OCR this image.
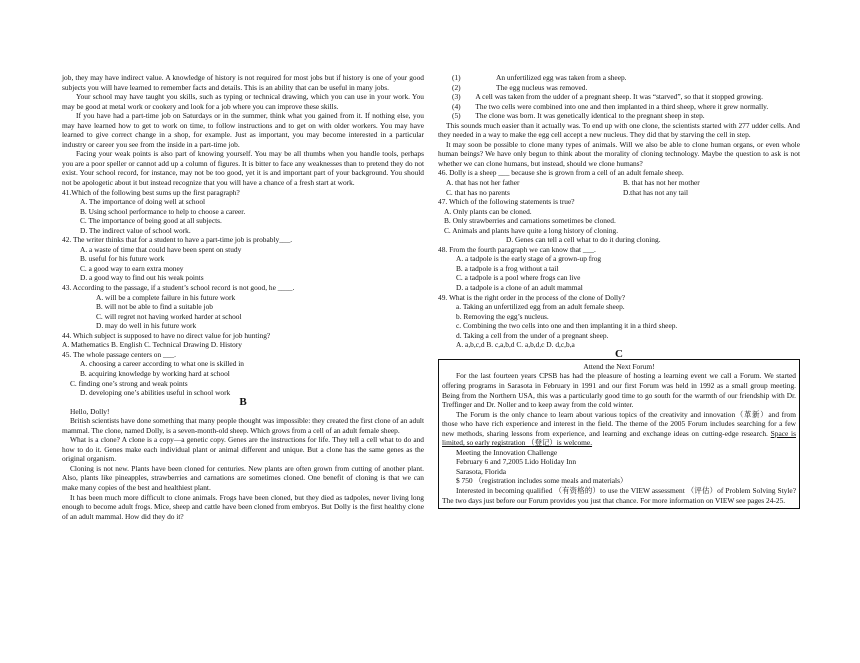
job, they may have indirect value. A knowledge of history is not required for most jobs but if history is one of your good subjects you will have learned to remember facts and details. This is an ability that can be useful in many jobs.

Your school may have taught you skills, such as typing or technical drawing, which you can use in your work. You may be good at metal work or cookery and look for a job where you can improve these skills.

If you have had a part-time job on Saturdays or in the summer, think what you gained from it. If nothing else, you may have learned how to get to work on time, to follow instructions and to get on with older workers. You may have learned to give correct change in a shop, for example. Just as important, you may become interested in a particular industry or career you see from the inside in a part-time job.

Facing your weak points is also part of knowing yourself. You may be all thumbs when you handle tools, perhaps you are a poor speller or cannot add up a column of figures. It is bitter to face any weaknesses than to pretend they do not exist. Your school record, for instance, may not be too good, yet it is and important part of your background. You should not be apologetic about it but instead recognize that you will have a chance of a fresh start at work.

41.Which of the following best sums up the first paragraph?

A. The importance of doing well at school

B. Using school performance to help to choose a career.

C. The importance of being good at all subjects.

D. The indirect value of school work.

42. The writer thinks that for a student to have a part-time job is probably___.

A. a waste of time that could have been spent on study

B. useful for his future work

C. a good way to earn extra money

D. a good way to find out his weak points

43. According to the passage, if a student’s school record is not good, he ____.

A. will be a complete failure in his future work

B. will not be able to find a suitable job

C. will regret not having worked harder at school

D. may do well in his future work

44. Which subject is supposed to have no direct value for job hunting?

A. Mathematics B. English C. Technical Drawing D. History

45. The whole passage centers on ___.

A. choosing a career according to what one is skilled in

B. acquiring knowledge by working hard at school

C. finding one’s strong and weak points

D. developing one’s abilities useful in school work

B

Hello, Dolly!

British scientists have done something that many people thought was impossible: they created the first clone of an adult mammal. The clone, named Dolly, is a seven-month-old sheep. Which grows from a cell of an adult female sheep.

What is a clone? A clone is a copy—a genetic copy. Genes are the instructions for life. They tell a cell what to do and how to do it. Genes make each individual plant or animal different and unique. But a clone has the same genes as the original organism.

Cloning is not new. Plants have been cloned for centuries. New plants are often grown from cutting of another plant. Also, plants like pineapples, strawberries and carnations are sometimes cloned. One benefit of cloning is that we can make many copies of the best and healthiest plant.

It has been much more difficult to clone animals. Frogs have been cloned, but they died as tadpoles, never living long enough to become adult frogs. Mice, sheep and cattle have been cloned from embryos. But Dolly is the first healthy clone of an adult mammal. How did they do it?

(1)	An unfertilized egg was taken from a sheep.
(2)	The egg nucleus was removed.

(3) A cell was taken from the udder of a pregnant sheep. It was “starved”, so that it stopped growing.

(4) The two cells were combined into one and then implanted in a third sheep, where it grew normally.

(5) The clone was born. It was genetically identical to the pregnant sheep in step.

This sounds much easier than it actually was. To end up with one clone, the scientists started with 277 udder cells. And they needed in a way to make the egg cell accept a new nucleus. They did that by starving the cell in step.

It may soon be possible to clone many types of animals. Will we also be able to clone human organs, or even whole human beings? We have only begun to think about the morality of cloning technology. Maybe the question to ask is not whether we can clone humans, but instead, should we clone humans?

46. Dolly is a sheep ___ because she is grown from a cell of an adult female sheep.

A. that has not her father	B. that has not her mother
C. that has no parents	D.that has not any tail

47. Which of the following statements is true?

A. Only plants can be cloned.

B. Only strawberries and carnations sometimes be cloned.

C. Animals and plants have quite a long history of cloning.

D. Genes can tell a cell what to do it during cloning.

48. From the fourth paragraph we can know that ___.

A. a tadpole is the early stage of a grown-up frog

B. a tadpole is a frog without a tail

C. a tadpole is a pool where frogs can live

D. a tadpole is a clone of an adult mammal

49. What is the right order in the process of the clone of Dolly?

a. Taking an unfertilized egg from an adult female sheep.

b. Removing the egg’s nucleus.

c. Combining the two cells into one and then implanting it in a third sheep.

d. Taking a cell from the under of a pregnant sheep.

A. a,b,c,d B. c,a,b,d C. a,b,d,c D. d,c,b,a

C

Attend the Next Forum!

For the last fourteen years CPSB has had the pleasure of hosting a learning event we call a Forum. We started offering programs in Sarasota in February in 1991 and our first Forum was held in 1992 as a small group meeting. Being from the Northern USA, this was a particularly good time to go south for the warmth of our friendship with Dr. Treffinger and Dr. Noller and to keep away from the cold winter.

The Forum is the only chance to learn about various topics of the creativity and innovation（革新）and from those who have rich experience and interest in the field. The theme of the 2005 Forum includes searching for a few new methods, sharing lessons from experience, and learning and exchange ideas on cutting-edge research. Space is limited, so early registration （登记）is welcome.

Meeting the Innovation Challenge

February 6 and 7,2005 Lido Holiday Inn

Sarasota, Florida

$ 750 （registration includes some meals and materials）

Interested in becoming qualified （有资格的）to use the VIEW assessment （评估）of Problem Solving Style? The two days just before our Forum provides you just that chance. For more information on VIEW see pages 24-25.
